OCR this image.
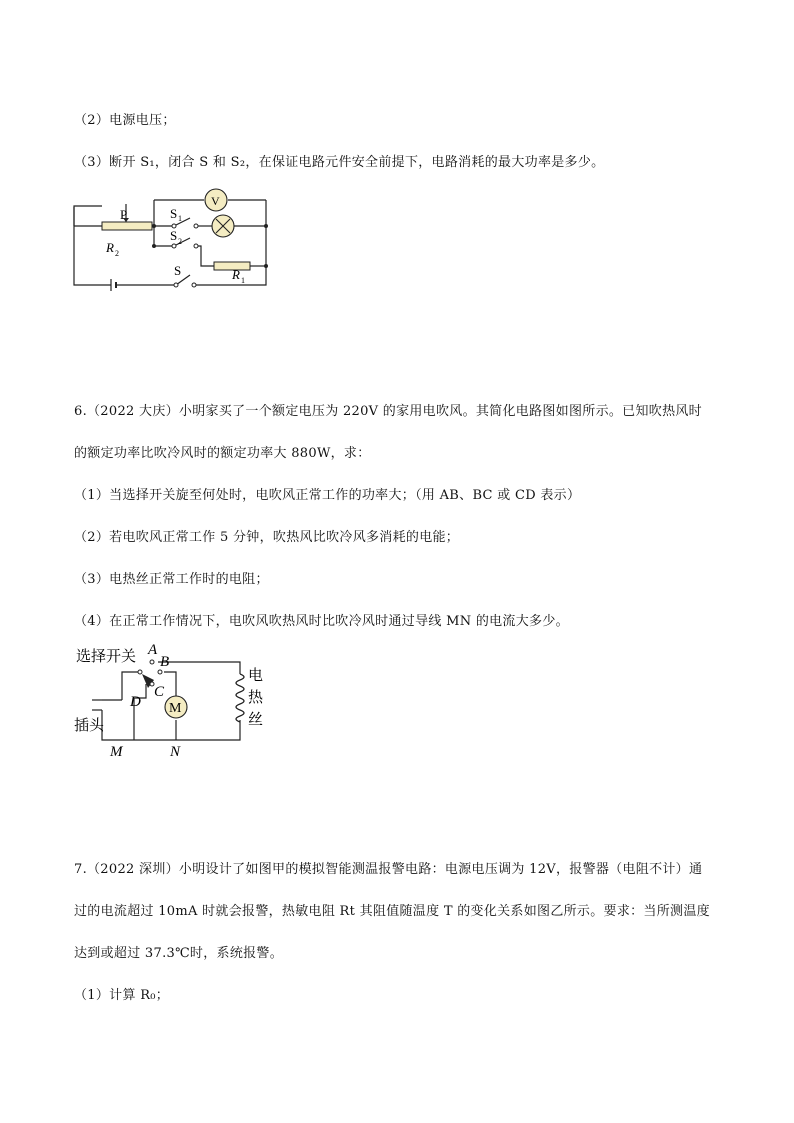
（2）电源电压；
（3）断开 S₁，闭合 S 和 S₂，在保证电路元件安全前提下，电路消耗的最大功率是多少。
P
R 2
S 1
S 2
S	R 1
V
6.（2022 大庆）小明家买了一个额定电压为 220V 的家用电吹风。其简化电路图如图所示。已知吹热风时
的额定功率比吹冷风时的额定功率大 880W，求：
（1）当选择开关旋至何处时，电吹风正常工作的功率大；（用 AB、BC 或 CD 表示）
（2）若电吹风正常工作 5 分钟，吹热风比吹冷风多消耗的电能；
（3）电热丝正常工作时的电阻；
（4）在正常工作情况下，电吹风吹热风时比吹冷风时通过导线 MN 的电流大多少。
M
选择开关 A
B
C
D
电
热
丝
插头
M	N
7.（2022 深圳）小明设计了如图甲的模拟智能测温报警电路：电源电压调为 12V，报警器（电阻不计）通
过的电流超过 10mA 时就会报警，热敏电阻 Rt 其阻值随温度 T 的变化关系如图乙所示。要求：当所测温度
达到或超过 37.3℃时，系统报警。
（1）计算 R₀；
